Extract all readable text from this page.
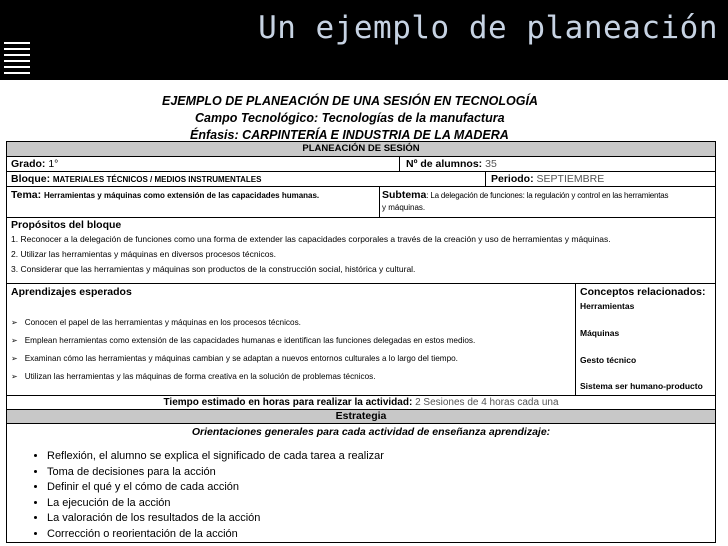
Un ejemplo de planeación
EJEMPLO DE PLANEACIÓN DE UNA SESIÓN EN TECNOLOGÍA
Campo Tecnológico: Tecnologías de la manufactura
Énfasis: CARPINTERÍA E INDUSTRIA DE LA MADERA
PLANEACIÓN DE SESIÓN
Grado: 1°	Nº de alumnos: 35
Bloque: MATERIALES TÉCNICOS / MEDIOS INSTRUMENTALES	Periodo: SEPTIEMBRE
Tema: Herramientas y máquinas como extensión de las capacidades humanas.	Subtema: La delegación de funciones: la regulación y control en las herramientas
y máquinas.
Propósitos del bloque
1. Reconocer a la delegación de funciones como una forma de extender las capacidades corporales a través de la creación y uso de herramientas y máquinas.
2. Utilizar las herramientas y máquinas en diversos procesos técnicos.
3. Considerar que las herramientas y máquinas son productos de la construcción social, histórica y cultural.
Aprendizajes esperados
➢   Conocen el papel de las herramientas y máquinas en los procesos técnicos.
➢   Emplean herramientas como extensión de las capacidades humanas e identifican las funciones delegadas en estos medios.
➢   Examinan cómo las herramientas y máquinas cambian y se adaptan a nuevos entornos culturales a lo largo del tiempo.
➢   Utilizan las herramientas y las máquinas de forma creativa en la solución de problemas técnicos.
Conceptos relacionados:
Herramientas
Máquinas
Gesto técnico
Sistema ser humano-producto
Tiempo estimado en horas para realizar la actividad: 2 Sesiones de 4 horas cada una
Estrategia
Orientaciones generales para cada actividad de enseñanza aprendizaje:
• Reflexión, el alumno se explica el significado de cada tarea a realizar
• Toma de decisiones para la acción
• Definir el qué y el cómo de cada acción
• La ejecución de la acción
• La valoración de los resultados de la acción
• Corrección o reorientación de la acción
